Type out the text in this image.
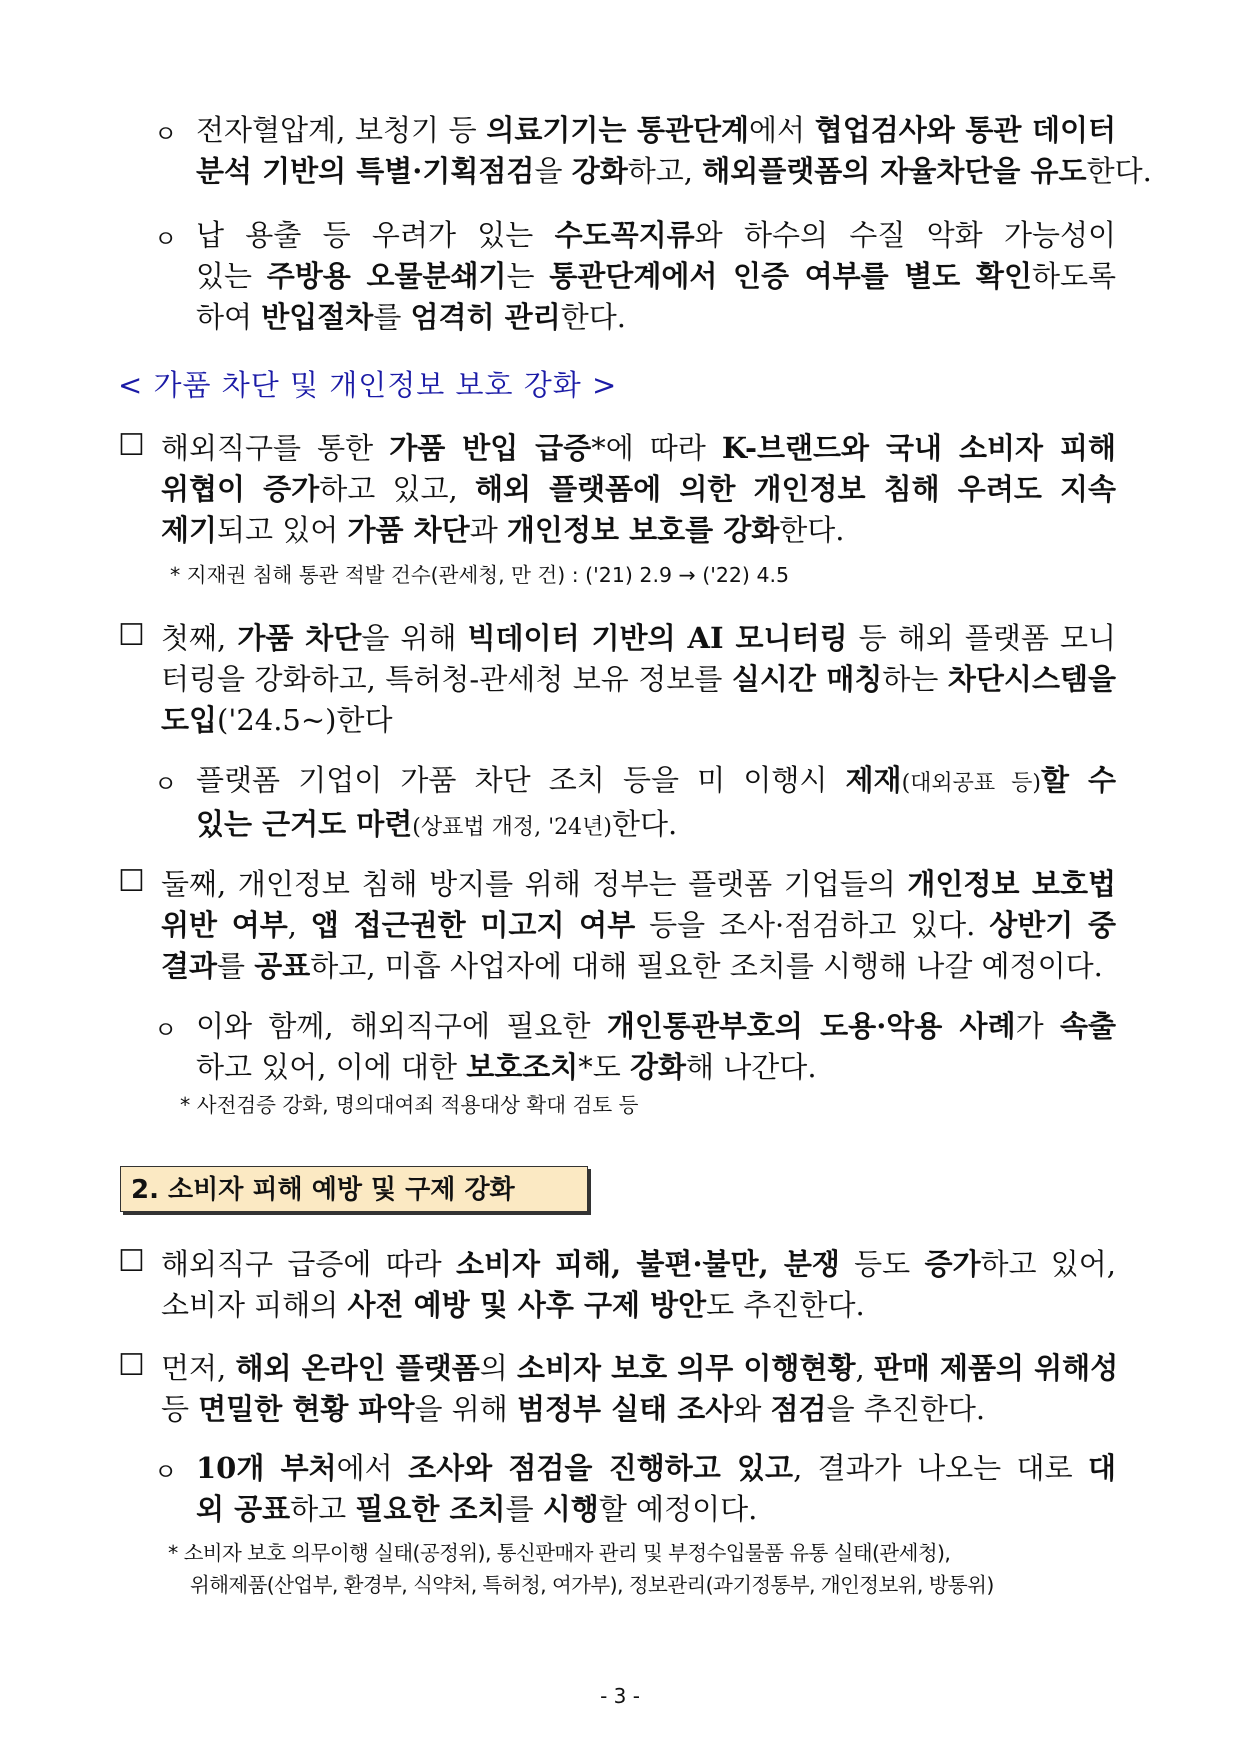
ㅇ 전자혈압계, 보청기 등 의료기기는 통관단계에서 협업검사와 통관 데이터
분석 기반의 특별·기획점검을 강화하고, 해외플랫폼의 자율차단을 유도한다.
ㅇ 납 용출 등 우려가 있는 수도꼭지류와 하수의 수질 악화 가능성이
있는 주방용 오물분쇄기는 통관단계에서 인증 여부를 별도 확인하도록
하여 반입절차를 엄격히 관리한다.
< 가품 차단 및 개인정보 보호 강화 >
☐ 해외직구를 통한 가품 반입 급증*에 따라 K-브랜드와 국내 소비자 피해
위협이 증가하고 있고, 해외 플랫폼에 의한 개인정보 침해 우려도 지속
제기되고 있어 가품 차단과 개인정보 보호를 강화한다.
* 지재권 침해 통관 적발 건수(관세청, 만 건) : ('21) 2.9 → ('22) 4.5
☐ 첫째, 가품 차단을 위해 빅데이터 기반의 AI 모니터링 등 해외 플랫폼 모니
터링을 강화하고, 특허청-관세청 보유 정보를 실시간 매칭하는 차단시스템을
도입('24.5~)한다
ㅇ 플랫폼 기업이 가품 차단 조치 등을 미 이행시 제재(대외공표 등)할 수
있는 근거도 마련(상표법 개정, '24년)한다.
☐ 둘째, 개인정보 침해 방지를 위해 정부는 플랫폼 기업들의 개인정보 보호법
위반 여부, 앱 접근권한 미고지 여부 등을 조사·점검하고 있다. 상반기 중
결과를 공표하고, 미흡 사업자에 대해 필요한 조치를 시행해 나갈 예정이다.
ㅇ 이와 함께, 해외직구에 필요한 개인통관부호의 도용·악용 사례가 속출
하고 있어, 이에 대한 보호조치*도 강화해 나간다.
* 사전검증 강화, 명의대여죄 적용대상 확대 검토 등
2. 소비자 피해 예방 및 구제 강화
☐ 해외직구 급증에 따라 소비자 피해, 불편·불만, 분쟁 등도 증가하고 있어,
소비자 피해의 사전 예방 및 사후 구제 방안도 추진한다.
☐ 먼저, 해외 온라인 플랫폼의 소비자 보호 의무 이행현황, 판매 제품의 위해성
등 면밀한 현황 파악을 위해 범정부 실태 조사와 점검을 추진한다.
ㅇ 10개 부처에서 조사와 점검을 진행하고 있고, 결과가 나오는 대로 대
외 공표하고 필요한 조치를 시행할 예정이다.
* 소비자 보호 의무이행 실태(공정위), 통신판매자 관리 및 부정수입물품 유통 실태(관세청),
위해제품(산업부, 환경부, 식약처, 특허청, 여가부), 정보관리(과기정통부, 개인정보위, 방통위)
- 3 -
